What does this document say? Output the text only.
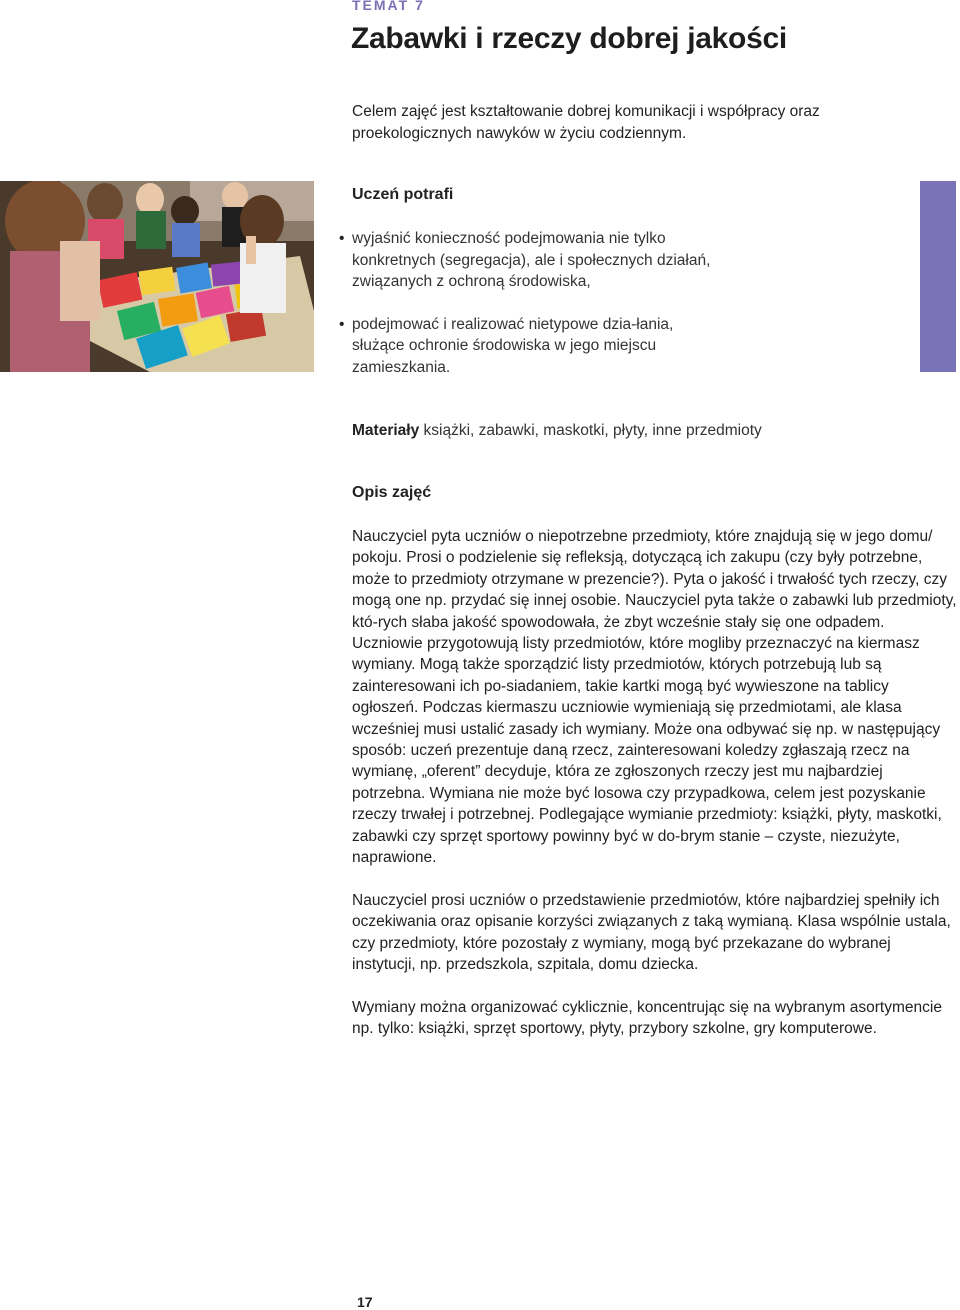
TEMAT 7
Zabawki i rzeczy dobrej jakości
Celem zajęć jest kształtowanie dobrej komunikacji i współpracy oraz proekologicznych nawyków w życiu codziennym.
Uczeń potrafi
• wyjaśnić konieczność podejmowania nie tylko konkretnych (segregacja), ale i społecznych działań, związanych z ochroną środowiska,
• podejmować i realizować nietypowe dzia-łania, służące ochronie środowiska w jego miejscu zamieszkania.
Materiały książki, zabawki, maskotki, płyty, inne przedmioty
Opis zajęć

Nauczyciel pyta uczniów o niepotrzebne przedmioty, które znajdują się w jego domu/ pokoju. Prosi o podzielenie się refleksją, dotyczącą ich zakupu (czy były potrzebne, może to przedmioty otrzymane w prezencie?). Pyta o jakość i trwałość tych rzeczy, czy mogą one np. przydać się innej osobie. Nauczyciel pyta także o zabawki lub przedmioty, któ-rych słaba jakość spowodowała, że zbyt wcześnie stały się one odpadem. Uczniowie przygotowują listy przedmiotów, które mogliby przeznaczyć na kiermasz wymiany. Mogą także sporządzić listy przedmiotów, których potrzebują lub są zainteresowani ich po-siadaniem, takie kartki mogą być wywieszone na tablicy ogłoszeń. Podczas kiermaszu uczniowie wymieniają się przedmiotami, ale klasa wcześniej musi ustalić zasady ich wymiany. Może ona odbywać się np. w następujący sposób: uczeń prezentuje daną rzecz, zainteresowani koledzy zgłaszają rzecz na wymianę, „oferent” decyduje, która ze zgłoszonych rzeczy jest mu najbardziej potrzebna. Wymiana nie może być losowa czy przypadkowa, celem jest pozyskanie rzeczy trwałej i potrzebnej. Podlegające wymianie przedmioty: książki, płyty, maskotki, zabawki czy sprzęt sportowy powinny być w do-brym stanie – czyste, niezużyte, naprawione.

Nauczyciel prosi uczniów o przedstawienie przedmiotów, które najbardziej spełniły ich oczekiwania oraz opisanie korzyści związanych z taką wymianą. Klasa wspólnie ustala, czy przedmioty, które pozostały z wymiany, mogą być przekazane do wybranej instytucji, np. przedszkola, szpitala, domu dziecka.

Wymiany można organizować cyklicznie, koncentrując się na wybranym asortymencie np. tylko: książki, sprzęt sportowy, płyty, przybory szkolne, gry komputerowe.

17
